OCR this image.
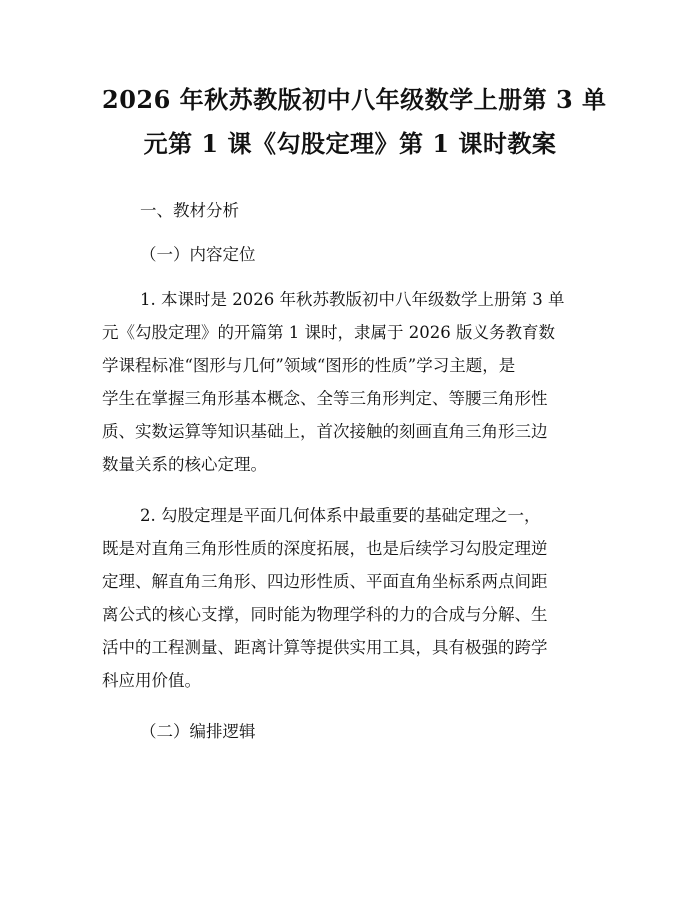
2026 年秋苏教版初中八年级数学上册第 3 单
元第 1 课《勾股定理》第 1 课时教案

一、教材分析

（一）内容定位

1. 本课时是 2026 年秋苏教版初中八年级数学上册第 3 单
元《勾股定理》的开篇第 1 课时，隶属于 2026 版义务教育数
学课程标准“图形与几何”领域“图形的性质”学习主题，是
学生在掌握三角形基本概念、全等三角形判定、等腰三角形性
质、实数运算等知识基础上，首次接触的刻画直角三角形三边
数量关系的核心定理。
2. 勾股定理是平面几何体系中最重要的基础定理之一，
既是对直角三角形性质的深度拓展，也是后续学习勾股定理逆
定理、解直角三角形、四边形性质、平面直角坐标系两点间距
离公式的核心支撑，同时能为物理学科的力的合成与分解、生
活中的工程测量、距离计算等提供实用工具，具有极强的跨学
科应用价值。

（二）编排逻辑
